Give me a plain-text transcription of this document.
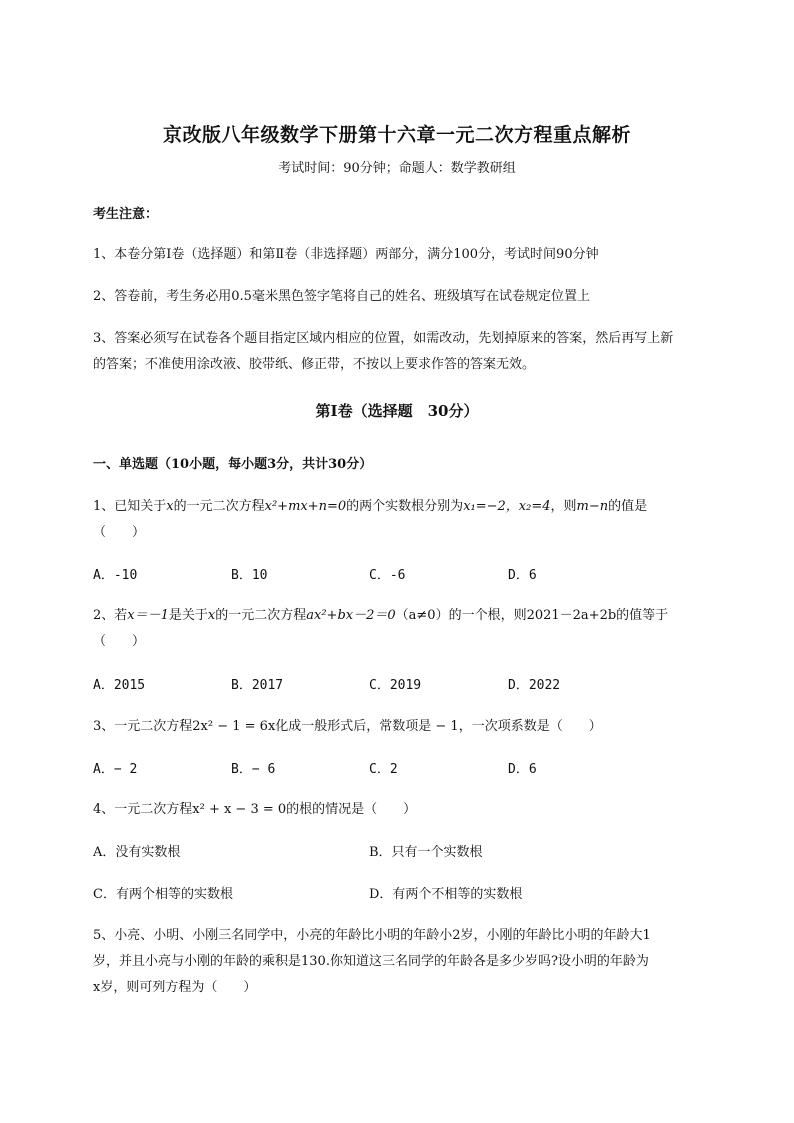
京改版八年级数学下册第十六章一元二次方程重点解析
考试时间：90分钟；命题人：数学教研组
考生注意：
1、本卷分第I卷（选择题）和第Ⅱ卷（非选择题）两部分，满分100分，考试时间90分钟
2、答卷前，考生务必用0.5毫米黑色签字笔将自己的姓名、班级填写在试卷规定位置上
3、答案必须写在试卷各个题目指定区域内相应的位置，如需改动，先划掉原来的答案，然后再写上新
的答案；不准使用涂改液、胶带纸、修正带，不按以上要求作答的答案无效。
第I卷（选择题　30分）
一、单选题（10小题，每小题3分，共计30分）
1、已知关于x的一元二次方程x²+mx+n=0的两个实数根分别为x₁=−2，x₂=4，则m−n的值是
（　　）
A．-10	B．10	C．-6	D．6
2、若x＝－1是关于x的一元二次方程ax²+bx－2＝0（a≠0）的一个根，则2021－2a+2b的值等于
（　　）
A．2015	B．2017	C．2019	D．2022
3、一元二次方程2x² − 1 = 6x化成一般形式后，常数项是 − 1，一次项系数是（　　）
A．− 2	B．− 6	C．2	D．6
4、一元二次方程x² + x − 3 = 0的根的情况是（　　）
A．没有实数根	B．只有一个实数根
C．有两个相等的实数根	D．有两个不相等的实数根
5、小亮、小明、小刚三名同学中，小亮的年龄比小明的年龄小2岁，小刚的年龄比小明的年龄大1
岁，并且小亮与小刚的年龄的乘积是130.你知道这三名同学的年龄各是多少岁吗?设小明的年龄为
x岁，则可列方程为（　　）
